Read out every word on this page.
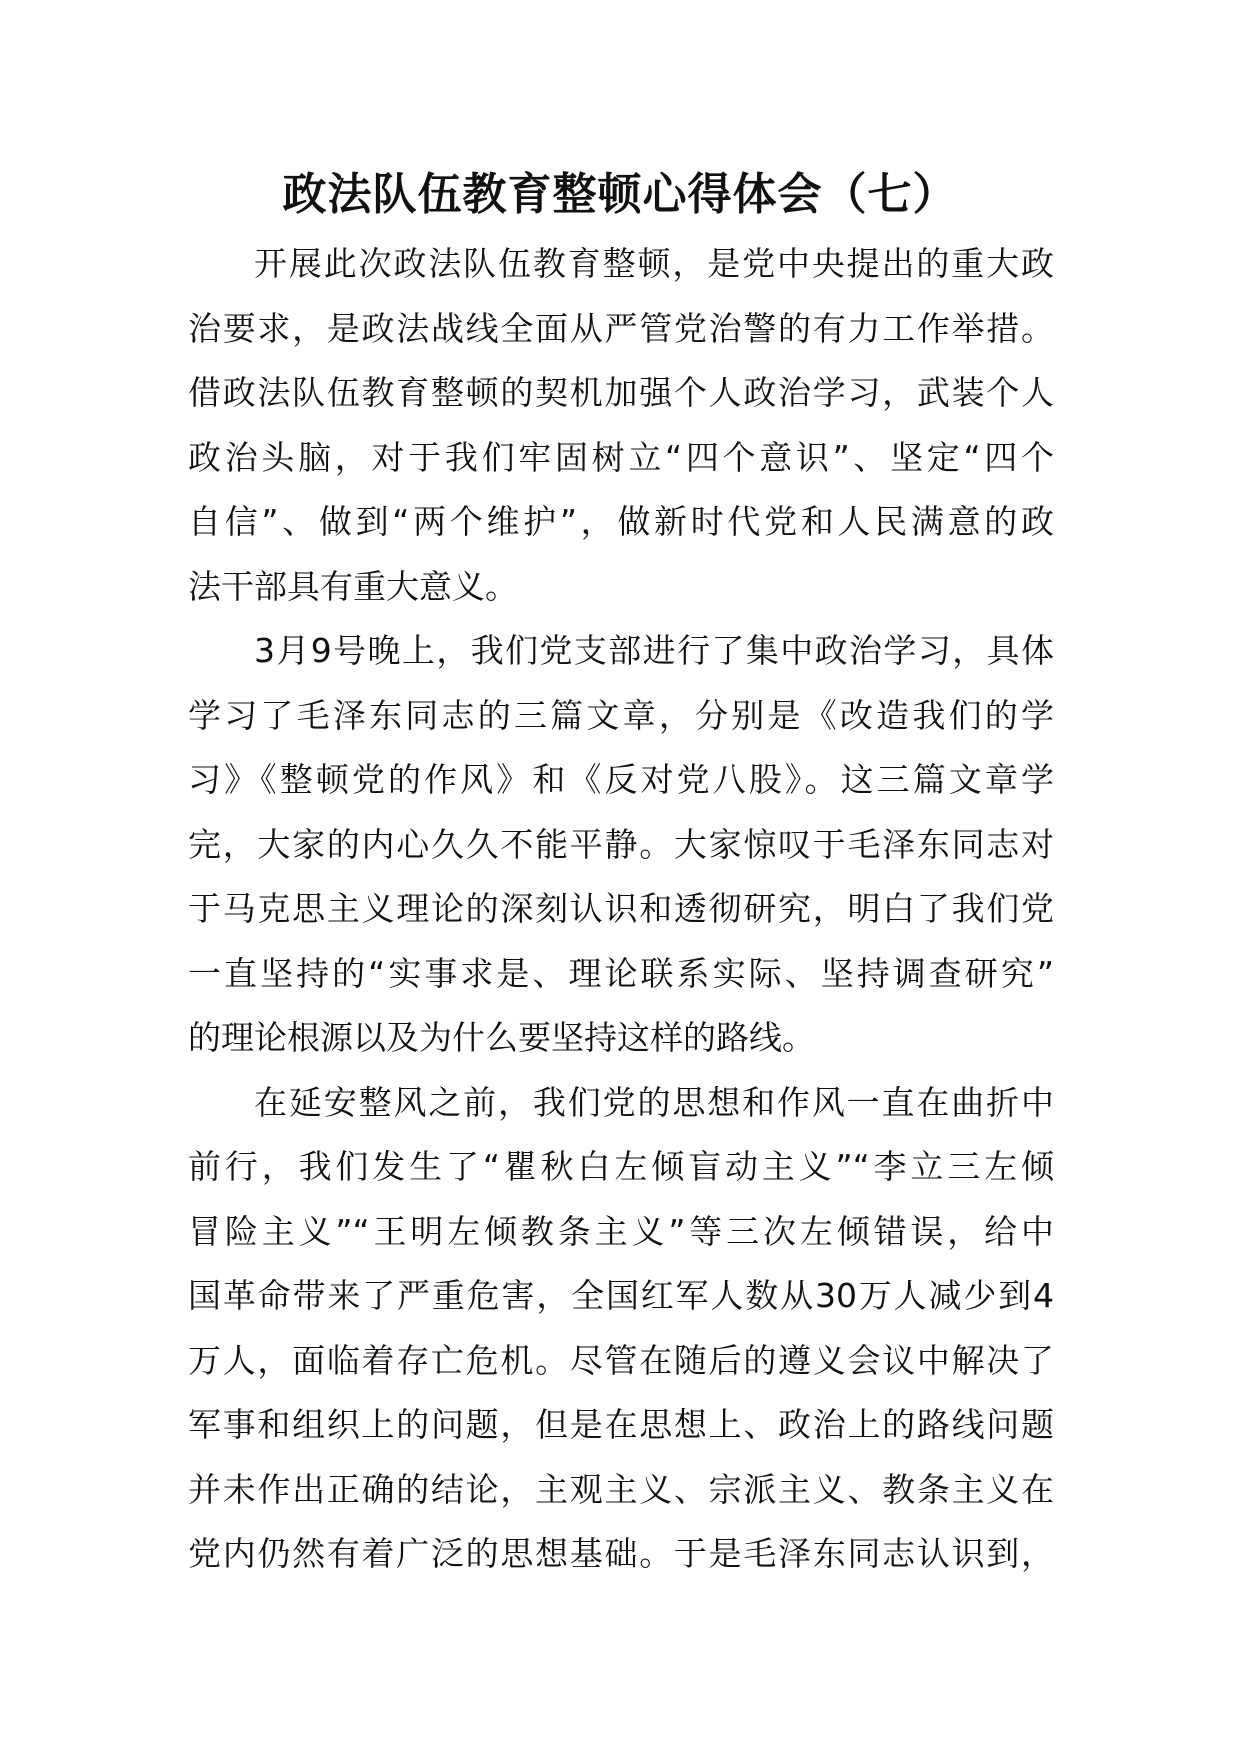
政法队伍教育整顿心得体会（七）
开展此次政法队伍教育整顿，是党中央提出的重大政
治要求，是政法战线全面从严管党治警的有力工作举措。
借政法队伍教育整顿的契机加强个人政治学习，武装个人
政治头脑，对于我们牢固树立“四个意识”、坚定“四个
自信”、做到“两个维护”，做新时代党和人民满意的政
法干部具有重大意义。
3月9号晚上，我们党支部进行了集中政治学习，具体
学习了毛泽东同志的三篇文章，分别是《改造我们的学
习》《整顿党的作风》和《反对党八股》。这三篇文章学
完，大家的内心久久不能平静。大家惊叹于毛泽东同志对
于马克思主义理论的深刻认识和透彻研究，明白了我们党
一直坚持的“实事求是、理论联系实际、坚持调查研究”
的理论根源以及为什么要坚持这样的路线。
在延安整风之前，我们党的思想和作风一直在曲折中
前行，我们发生了“瞿秋白左倾盲动主义”“李立三左倾
冒险主义”“王明左倾教条主义”等三次左倾错误，给中
国革命带来了严重危害，全国红军人数从30万人减少到4
万人，面临着存亡危机。尽管在随后的遵义会议中解决了
军事和组织上的问题，但是在思想上、政治上的路线问题
并未作出正确的结论，主观主义、宗派主义、教条主义在
党内仍然有着广泛的思想基础。于是毛泽东同志认识到，
